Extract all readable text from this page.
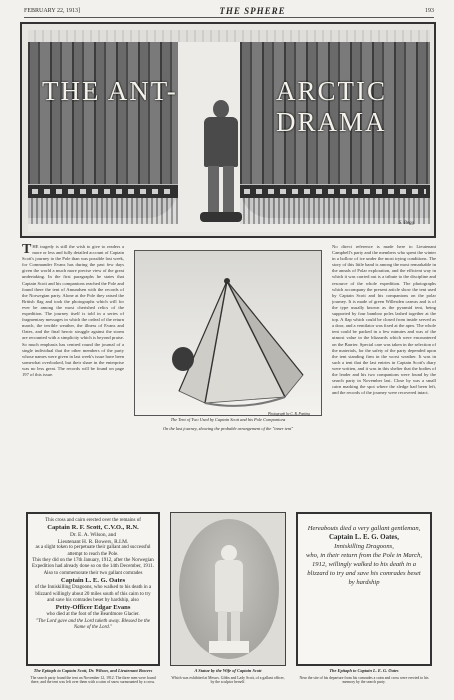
FEBRUARY 22, 1913]	THE SPHERE	193
THE ANT-	ARCTIC DRAMA
S. Begg
THE tragedy is still the wish to give to readers a more or less and fully detailed account of Captain Scott's journey to the Pole than was possible last week, for Commander Evans has during the past few days given the world a much more precise view of the great undertaking. In the first paragraphs he states that Captain Scott and his companions reached the Pole and found there the tent of Amundsen with the records of the Norwegian party. Alone at the Pole they raised the British flag and took the photographs which will for ever be among the most cherished relics of the expedition. The journey itself is told in a series of fragmentary messages in which the ordeal of the return march, the terrible weather, the illness of Evans and Oates, and the final heroic struggle against the storm are recounted with a simplicity which is beyond praise. So much emphasis has centred round the journal of a single individual that the other members of the party whose names were given in last week's issue have been somewhat overlooked, but their share in the enterprise was no less great. The records will be found on page 197 of this issue.
Photograph by C. B. Ponting
The Tent of Two Used by Captain Scott and his Pole Companions
On the last journey, showing the probable arrangement of the "inner tent"
No direct reference is made here to Lieutenant Campbell's party and the members who spent the winter in a hollow of ice under the most trying conditions. The story of this little band is among the most remarkable in the annals of Polar exploration, and the efficient way in which it was carried out is a tribute to the discipline and resource of the whole expedition. The photographs which accompany the present article show the tent used by Captain Scott and his companions on the polar journey. It is made of green Willesden canvas and is of the type usually known as the pyramid tent, being supported by four bamboo poles lashed together at the top. A flap which could be closed from inside served as a door, and a ventilator was fixed at the apex. The whole tent could be packed in a few minutes and was of the utmost value in the blizzards which were encountered on the Barrier. Special care was taken in the selection of the materials, for the safety of the party depended upon the tent standing firm in the worst weather. It was in such a tent that the last entries in Captain Scott's diary were written, and it was in this shelter that the bodies of the leader and his two companions were found by the search party in November last. Close by was a small cairn marking the spot where the sledge had been left, and the records of the journey were recovered intact.
This cross and cairn erected over the remains of
Captain R. F. Scott, C.V.O., R.N.
Dr. E. A. Wilson, and
Lieutenant H. R. Bowers, R.I.M.
as a slight token to perpetuate their gallant and successful attempt to reach the Pole.
This they did on the 17th January, 1912, after the Norwegian Expedition had already done so on the 14th December, 1911.
Also to commemorate their two gallant comrades
Captain L. E. G. Oates
of the Inniskilling Dragoons, who walked to his death in a blizzard willingly about 20 miles south of this cairn to try and save his comrades beset by hardship, also
Petty-Officer Edgar Evans
who died at the foot of the Beardmore Glacier.
"The Lord gave and the Lord taketh away. Blessed be the Name of the Lord."
Hereabouts died a very gallant gentleman,
Captain L. E. G. Oates,
Inniskilling Dragoons,
who, in their return from the Pole in March, 1912, willingly walked to his death in a blizzard to try and save his comrades beset by hardship
The Epitaph to Captain Scott, Dr. Wilson, and Lieutenant Bowers
The search party found the tent on November 12, 1912. The three men were found there, and the tent was left over them with a cairn of snow surmounted by a cross.
A Statue by the Wife of Captain Scott
Which was exhibited at Messrs. Gibbs and Lady Scott, of a gallant officer, by the sculptor herself.
The Epitaph to Captain L. E. G. Oates
Near the site of his departure from his comrades a cairn and cross were erected to his memory by the search party.
